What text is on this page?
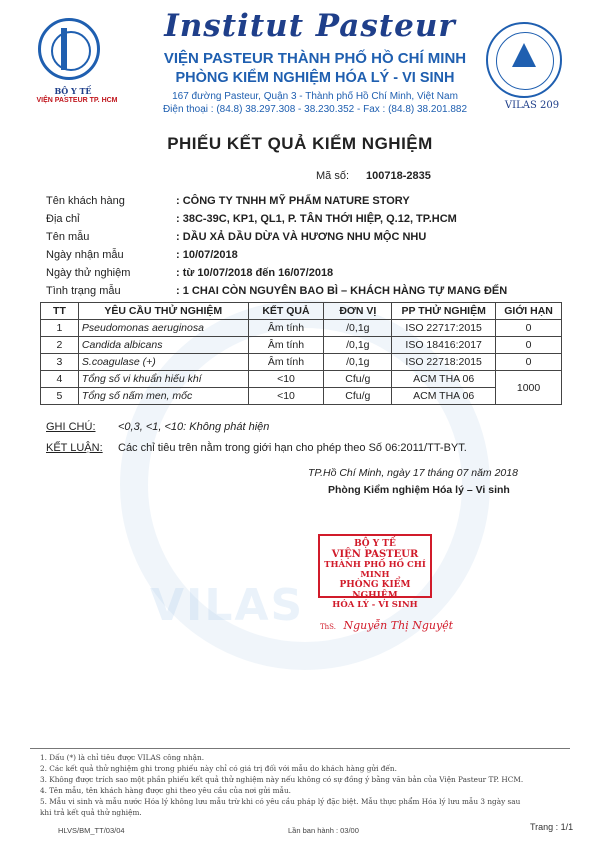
VILAS
BỘ Y TẾ
VIỆN PASTEUR TP. HCM
Institut Pasteur
VIỆN PASTEUR THÀNH PHỐ HỒ CHÍ MINH
PHÒNG KIỂM NGHIỆM HÓA LÝ - VI SINH
167 đường Pasteur, Quận 3 - Thành phố Hồ Chí Minh, Việt Nam
Điện thoại : (84.8) 38.297.308 - 38.230.352 - Fax : (84.8) 38.201.882	VILAS 209
PHIẾU KẾT QUẢ KIỂM NGHIỆM
Mã số: 100718-2835
Tên khách hàng	: CÔNG TY TNHH MỸ PHẨM NATURE STORY
Địa chỉ	: 38C-39C, KP1, QL1, P. TÂN THỚI HIỆP, Q.12, TP.HCM
Tên mẫu	: DẦU XẢ DẦU DỪA VÀ HƯƠNG NHU MỘC NHU
Ngày nhận mẫu	: 10/07/2018
Ngày thử nghiệm	: từ 10/07/2018 đến 16/07/2018
Tình trạng mẫu	: 1 CHAI CÒN NGUYÊN BAO BÌ – KHÁCH HÀNG TỰ MANG ĐẾN
TT	YÊU CẦU THỬ NGHIỆM	KẾT QUẢ	ĐƠN VỊ	PP THỬ NGHIỆM	GIỚI HẠN
1	Pseudomonas aeruginosa	Âm tính	/0,1g	ISO 22717:2015	0
2	Candida albicans	Âm tính	/0,1g	ISO 18416:2017	0
3	S.coagulase (+)	Âm tính	/0,1g	ISO 22718:2015	0
4	Tổng số vi khuẩn hiếu khí	<10	Cfu/g	ACM THA 06	1000
5	Tổng số nấm men, mốc	<10	Cfu/g	ACM THA 06	
GHI CHÚ: <0,3, <1, <10: Không phát hiện
KẾT LUẬN: Các chỉ tiêu trên nằm trong giới hạn cho phép theo Số 06:2011/TT-BYT.
TP.Hồ Chí Minh, ngày 17 tháng 07 năm 2018
Phòng Kiểm nghiệm Hóa lý – Vi sinh
BỘ Y TẾ
VIỆN PASTEUR
THÀNH PHỐ HỒ CHÍ MINH
PHÒNG KIỂM NGHIỆM
HÓA LÝ - VI SINH
ThS. Nguyễn Thị Nguyệt
1. Dấu (*) là chỉ tiêu được VILAS công nhận.
2. Các kết quả thử nghiệm ghi trong phiếu này chỉ có giá trị đối với mẫu do khách hàng gửi đến.
3. Không được trích sao một phần phiếu kết quả thử nghiệm này nếu không có sự đồng ý bằng văn bản của Viện Pasteur TP. HCM.
4. Tên mẫu, tên khách hàng được ghi theo yêu cầu của nơi gửi mẫu.
5. Mẫu vi sinh và mẫu nước Hóa lý không lưu mẫu trừ khi có yêu cầu pháp lý đặc biệt. Mẫu thực phẩm Hóa lý lưu mẫu 3 ngày sau
khi trả kết quả thử nghiệm.
HLVS/BM_TT/03/04	Lần ban hành : 03/00	Trang : 1/1
